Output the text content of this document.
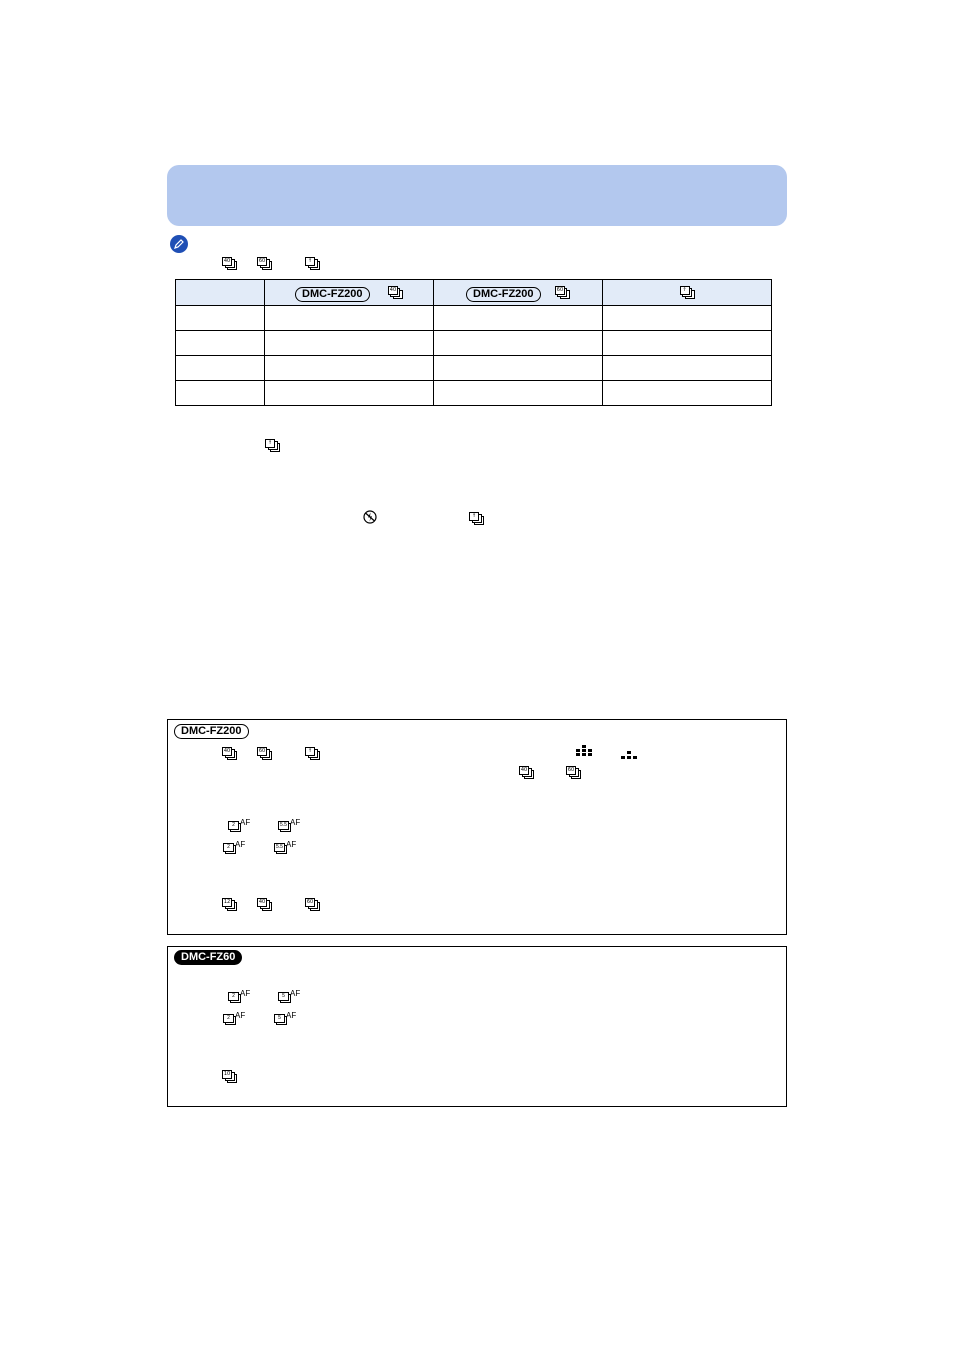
40	60	↑
	DMC-FZ200 40	DMC-FZ200 60	↑

↑
↑
DMC-FZ200
40	60	↑
40	60
2 AF	5.5 AF
2 AF	5.5 AF
12	40	60
DMC-FZ60
2 AF	5 AF
2 AF	5 AF
10
